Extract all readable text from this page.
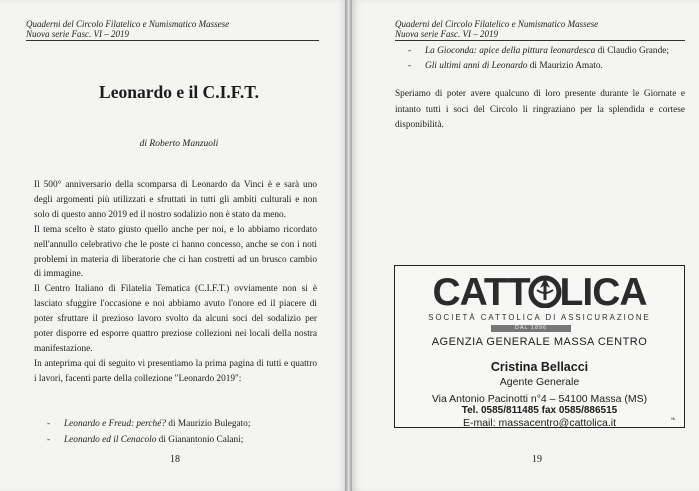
Quaderni del Circolo Filatelico e Numismatico Massese
Nuova serie Fasc. VI – 2019
Leonardo e il C.I.F.T.
di Roberto Manzuoli

Il 500° anniversario della scomparsa di Leonardo da Vinci è e sarà uno degli argomenti più utilizzati e sfruttati in tutti gli ambiti culturali e non solo di questo anno 2019 ed il nostro sodalizio non è stato da meno.

Il tema scelto è stato giusto quello anche per noi, e lo abbiamo ricordato nell'annullo celebrativo che le poste ci hanno concesso, anche se con i noti problemi in materia di liberatorie che ci han costretti ad un brusco cambio di immagine.

Il Centro Italiano di Filatelia Tematica (C.I.F.T.) ovviamente non si è lasciato sfuggire l'occasione e noi abbiamo avuto l'onore ed il piacere di poter sfruttare il prezioso lavoro svolto da alcuni soci del sodalizio per poter disporre ed esporre quattro preziose collezioni nei locali della nostra manifestazione.

In anteprima qui di seguito vi presentiamo la prima pagina di tutti e quattro i lavori, facenti parte della collezione "Leonardo 2019":

- Leonardo e Freud: perché? di Maurizio Bulegato;
- Leonardo ed il Cenacolo di Gianantonio Calani;
18
Quaderni del Circolo Filatelico e Numismatico Massese
Nuova serie Fasc. VI – 2019
- La Gioconda: apice della pittura leonardesca di Claudio Grande;
- Gli ultimi anni di Leonardo di Maurizio Amato.

Speriamo di poter avere qualcuno di loro presente durante le Giornate e intanto tutti i soci del Circolo li ringraziano per la splendida e cortese disponibilità.

CATT LICA
SOCIETÀ CATTOLICA DI ASSICURAZIONE
DAL 1896
AGENZIA GENERALE MASSA CENTRO
Cristina Bellacci
Agente Generale
Via Antonio Pacinotti n°4 – 54100 Massa (MS)
Tel. 0585/811485 fax 0585/886515
E-mail: massacentro@cattolica.it	❧
19
